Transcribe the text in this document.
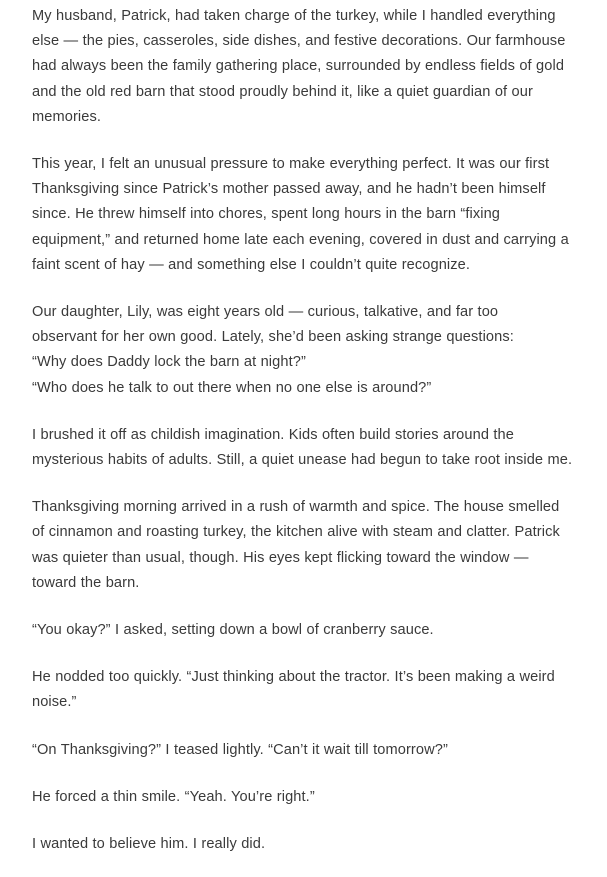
My husband, Patrick, had taken charge of the turkey, while I handled everything else — the pies, casseroles, side dishes, and festive decorations. Our farmhouse had always been the family gathering place, surrounded by endless fields of gold and the old red barn that stood proudly behind it, like a quiet guardian of our memories.

This year, I felt an unusual pressure to make everything perfect. It was our first Thanksgiving since Patrick’s mother passed away, and he hadn’t been himself since. He threw himself into chores, spent long hours in the barn “fixing equipment,” and returned home late each evening, covered in dust and carrying a faint scent of hay — and something else I couldn’t quite recognize.

Our daughter, Lily, was eight years old — curious, talkative, and far too
observant for her own good. Lately, she’d been asking strange questions:
“Why does Daddy lock the barn at night?”
“Who does he talk to out there when no one else is around?”

I brushed it off as childish imagination. Kids often build stories around the mysterious habits of adults. Still, a quiet unease had begun to take root inside me.

Thanksgiving morning arrived in a rush of warmth and spice. The house smelled of cinnamon and roasting turkey, the kitchen alive with steam and clatter. Patrick was quieter than usual, though. His eyes kept flicking toward the window — toward the barn.

“You okay?” I asked, setting down a bowl of cranberry sauce.

He nodded too quickly. “Just thinking about the tractor. It’s been making a weird noise.”

“On Thanksgiving?” I teased lightly. “Can’t it wait till tomorrow?”

He forced a thin smile. “Yeah. You’re right.”

I wanted to believe him. I really did.
